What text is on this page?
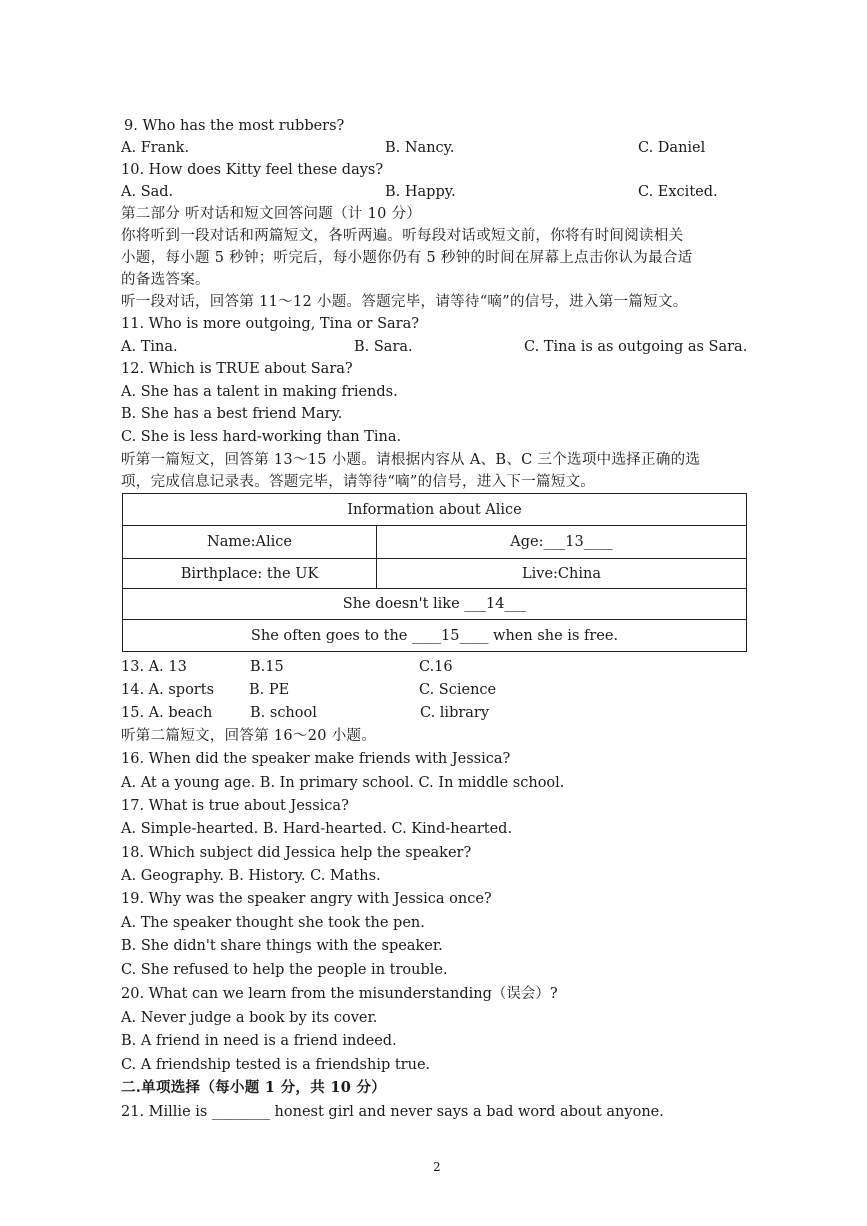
9. Who has the most rubbers?
A. Frank.	B. Nancy.	C. Daniel
10. How does Kitty feel these days?
A. Sad.	B. Happy.	C. Excited.
第二部分 听对话和短文回答问题（计 10 分）
你将听到一段对话和两篇短文，各听两遍。听每段对话或短文前，你将有时间阅读相关
小题，每小题 5 秒钟；听完后，每小题你仍有 5 秒钟的时间在屏幕上点击你认为最合适
的备选答案。
听一段对话，回答第 11～12 小题。答题完毕，请等待“嘀”的信号，进入第一篇短文。
11. Who is more outgoing, Tina or Sara?
A. Tina.	B. Sara.	C. Tina is as outgoing as Sara.
12. Which is TRUE about Sara?
A. She has a talent in making friends.
B. She has a best friend Mary.
C. She is less hard-working than Tina.
听第一篇短文，回答第 13～15 小题。请根据内容从 A、B、C 三个选项中选择正确的选
项，完成信息记录表。答题完毕，请等待“嘀”的信号，进入下一篇短文。
Information about Alice	
Name:Alice	Age:___13____
Birthplace: the UK	Live:China
She doesn't like ___14___	
She often goes to the ____15____ when she is free.	
13. A. 13	B.15	C.16
14. A. sports B. PE	C. Science
15. A. beach	B. school	C. library
听第二篇短文，回答第 16～20 小题。
16. When did the speaker make friends with Jessica?
A. At a young age. B. In primary school. C. In middle school.
17. What is true about Jessica?
A. Simple-hearted. B. Hard-hearted. C. Kind-hearted.
18. Which subject did Jessica help the speaker?
A. Geography. B. History. C. Maths.
19. Why was the speaker angry with Jessica once?
A. The speaker thought she took the pen.
B. She didn't share things with the speaker.
C. She refused to help the people in trouble.
20. What can we learn from the misunderstanding（误会）?
A. Never judge a book by its cover.
B. A friend in need is a friend indeed.
C. A friendship tested is a friendship true.
二.单项选择（每小题 1 分，共 10 分）
21. Millie is ________ honest girl and never says a bad word about anyone.
2
